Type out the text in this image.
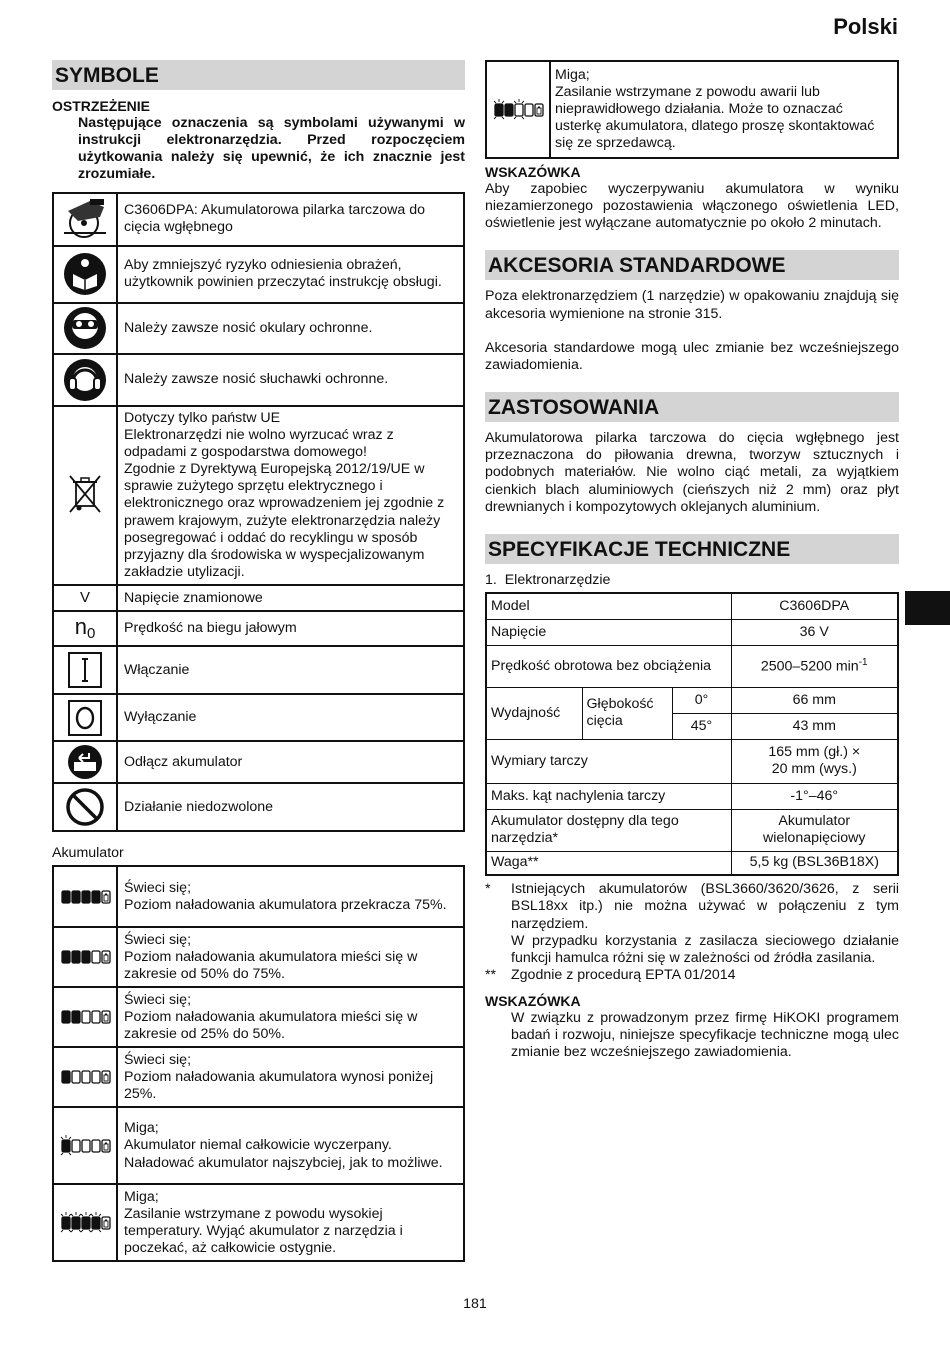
Polski
SYMBOLE
OSTRZEŻENIE
Następujące oznaczenia są symbolami używanymi w instrukcji elektronarzędzia. Przed rozpoczęciem użytkowania należy się upewnić, że ich znacznie jest zrozumiałe.
	C3606DPA: Akumulatorowa pilarka tarczowa do cięcia wgłębnego
	Aby zmniejszyć ryzyko odniesienia obrażeń, użytkownik powinien przeczytać instrukcję obsługi.
	Należy zawsze nosić okulary ochronne.
	Należy zawsze nosić słuchawki ochronne.
	Dotyczy tylko państw UE
Elektronarzędzi nie wolno wyrzucać wraz z odpadami z gospodarstwa domowego!
Zgodnie z Dyrektywą Europejską 2012/19/UE w sprawie zużytego sprzętu elektrycznego i elektronicznego oraz wprowadzeniem jej zgodnie z prawem krajowym, zużyte elektronarzędzia należy posegregować i oddać do recyklingu w sposób przyjazny dla środowiska w wyspecjalizowanym zakładzie utylizacji.
V	Napięcie znamionowe
$n_0$	Prędkość na biegu jałowym
	Włączanie
	Wyłączanie
	Odłącz akumulator
	Działanie niedozwolone
Akumulator
	Świeci się;
Poziom naładowania akumulatora przekracza 75%.
	Świeci się;
Poziom naładowania akumulatora mieści się w zakresie od 50% do 75%.
	Świeci się;
Poziom naładowania akumulatora mieści się w zakresie od 25% do 50%.
	Świeci się;
Poziom naładowania akumulatora wynosi poniżej 25%.
	Miga;
Akumulator niemal całkowicie wyczerpany. Naładować akumulator najszybciej, jak to możliwe.
	Miga;
Zasilanie wstrzymane z powodu wysokiej temperatury. Wyjąć akumulator z narzędzia i poczekać, aż całkowicie ostygnie.
	Miga;
Zasilanie wstrzymane z powodu awarii lub nieprawidłowego działania. Może to oznaczać usterkę akumulatora, dlatego proszę skontaktować się ze sprzedawcą.
WSKAZÓWKA

Aby zapobiec wyczerpywaniu akumulatora w wyniku niezamierzonego pozostawienia włączonego oświetlenia LED, oświetlenie jest wyłączane automatycznie po około 2 minutach.

AKCESORIA STANDARDOWE

Poza elektronarzędziem (1 narzędzie) w opakowaniu znajdują się akcesoria wymienione na stronie 315.

Akcesoria standardowe mogą ulec zmianie bez wcześniejszego zawiadomienia.

ZASTOSOWANIA

Akumulatorowa pilarka tarczowa do cięcia wgłębnego jest przeznaczona do piłowania drewna, tworzyw sztucznych i podobnych materiałów. Nie wolno ciąć metali, za wyjątkiem cienkich blach aluminiowych (cieńszych niż 2 mm) oraz płyt drewnianych i kompozytowych oklejanych aluminium.

SPECYFIKACJE TECHNICZNE
1.  Elektronarzędzie
Model			C3606DPA
Napięcie			36 V
Prędkość obrotowa bez obciążenia			2500–5200 $\min^{-1}$
Wydajność	Głębokość cięcia	0°	66 mm
		45°	43 mm
Wymiary tarczy			165 mm (gł.) ×
20 mm (wys.)

Maks. kąt nachylenia tarczy			-1°–46°
Akumulator dostępny dla tego narzędzia*			Akumulator wielonapięciowy
Waga**			5,5 kg (BSL36B18X)
*	Istniejących akumulatorów (BSL3660/3620/3626, z serii BSL18xx itp.) nie można używać w połączeniu z tym narzędziem.
W przypadku korzystania z zasilacza sieciowego działanie funkcji hamulca różni się w zależności od źródła zasilania.
**	Zgodnie z procedurą EPTA 01/2014
WSKAZÓWKA

W związku z prowadzonym przez firmę HiKOKI programem badań i rozwoju, niniejsze specyfikacje techniczne mogą ulec zmianie bez wcześniejszego zawiadomienia.

181
